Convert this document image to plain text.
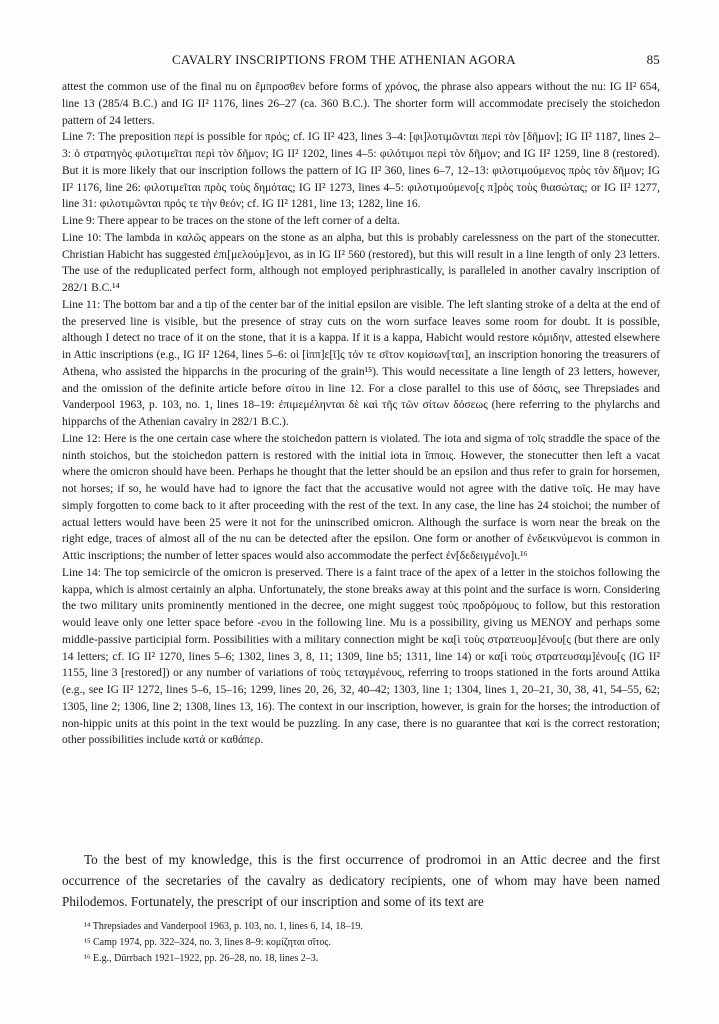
CAVALRY INSCRIPTIONS FROM THE ATHENIAN AGORA	85

attest the common use of the final nu on ἔμπροσθεν before forms of χρόνος, the phrase also appears without the nu: IG II² 654, line 13 (285/4 B.C.) and IG II² 1176, lines 26–27 (ca. 360 B.C.). The shorter form will accommodate precisely the stoichedon pattern of 24 letters.

Line 7: The preposition περί is possible for πρός; cf. IG II² 423, lines 3–4: [φι]λοτιμῶνται περὶ τὸν [δῆμον]; IG II² 1187, lines 2–3: ὁ στρατηγὸς φιλοτιμεῖται περὶ τὸν δῆμον; IG II² 1202, lines 4–5: φιλότιμοι περὶ τὸν δῆμον; and IG II² 1259, line 8 (restored). But it is more likely that our inscription follows the pattern of IG II² 360, lines 6–7, 12–13: φιλοτιμούμενος πρὸς τὸν δῆμον; IG II² 1176, line 26: φιλοτιμεῖται πρὸς τοὺς δημότας; IG II² 1273, lines 4–5: φιλοτιμούμενο[ς π]ρὸς τοὺς θιασώτας; or IG II² 1277, line 31: φιλοτιμῶνται πρός τε τὴν θεόν; cf. IG II² 1281, line 13; 1282, line 16.

Line 9: There appear to be traces on the stone of the left corner of a delta.

Line 10: The lambda in καλῶς appears on the stone as an alpha, but this is probably carelessness on the part of the stonecutter. Christian Habicht has suggested ἐπι[μελούμ]ενοι, as in IG II² 560 (restored), but this will result in a line length of only 23 letters. The use of the reduplicated perfect form, although not employed periphrastically, is paralleled in another cavalry inscription of 282/1 B.C.¹⁴

Line 11: The bottom bar and a tip of the center bar of the initial epsilon are visible. The left slanting stroke of a delta at the end of the preserved line is visible, but the presence of stray cuts on the worn surface leaves some room for doubt. It is possible, although I detect no trace of it on the stone, that it is a kappa. If it is a kappa, Habicht would restore κόμιδην, attested elsewhere in Attic inscriptions (e.g., IG II² 1264, lines 5–6: οἱ [ἱππ]ε[ῖ]ς τόν τε σῖτον κομίσων[ται], an inscription honoring the treasurers of Athena, who assisted the hipparchs in the procuring of the grain¹⁵). This would necessitate a line length of 23 letters, however, and the omission of the definite article before σίτου in line 12. For a close parallel to this use of δόσις, see Threpsiades and Vanderpool 1963, p. 103, no. 1, lines 18–19: ἐπιμεμέληνται δὲ καὶ τῆς τῶν σίτων δόσεως (here referring to the phylarchs and hipparchs of the Athenian cavalry in 282/1 B.C.).

Line 12: Here is the one certain case where the stoichedon pattern is violated. The iota and sigma of τοῖς straddle the space of the ninth stoichos, but the stoichedon pattern is restored with the initial iota in ἵπποις. However, the stonecutter then left a vacat where the omicron should have been. Perhaps he thought that the letter should be an epsilon and thus refer to grain for horsemen, not horses; if so, he would have had to ignore the fact that the accusative would not agree with the dative τοῖς. He may have simply forgotten to come back to it after proceeding with the rest of the text. In any case, the line has 24 stoichoi; the number of actual letters would have been 25 were it not for the uninscribed omicron. Although the surface is worn near the break on the right edge, traces of almost all of the nu can be detected after the epsilon. One form or another of ἐνδεικνύμενοι is common in Attic inscriptions; the number of letter spaces would also accommodate the perfect ἐν[δεδειγμένο]ι.¹⁶

Line 14: The top semicircle of the omicron is preserved. There is a faint trace of the apex of a letter in the stoichos following the kappa, which is almost certainly an alpha. Unfortunately, the stone breaks away at this point and the surface is worn. Considering the two military units prominently mentioned in the decree, one might suggest τοὺς προδρόμους to follow, but this restoration would leave only one letter space before -ενου in the following line. Mu is a possibility, giving us ΜΕΝΟΥ and perhaps some middle-passive participial form. Possibilities with a military connection might be κα[ὶ τοὺς στρατευομ]ένου[ς (but there are only 14 letters; cf. IG II² 1270, lines 5–6; 1302, lines 3, 8, 11; 1309, line b5; 1311, line 14) or κα[ὶ τοὺς στρατευσαμ]ένου[ς (IG II² 1155, line 3 [restored]) or any number of variations of τοὺς τεταγμένους, referring to troops stationed in the forts around Attika (e.g., see IG II² 1272, lines 5–6, 15–16; 1299, lines 20, 26, 32, 40–42; 1303, line 1; 1304, lines 1, 20–21, 30, 38, 41, 54–55, 62; 1305, line 2; 1306, line 2; 1308, lines 13, 16). The context in our inscription, however, is grain for the horses; the introduction of non-hippic units at this point in the text would be puzzling. In any case, there is no guarantee that καί is the correct restoration; other possibilities include κατά or καθάπερ.

To the best of my knowledge, this is the first occurrence of prodromoi in an Attic decree and the first occurrence of the secretaries of the cavalry as dedicatory recipients, one of whom may have been named Philodemos. Fortunately, the prescript of our inscription and some of its text are

¹⁴ Threpsiades and Vanderpool 1963, p. 103, no. 1, lines 6, 14, 18–19.
¹⁵ Camp 1974, pp. 322–324, no. 3, lines 8–9: κομίζηται σῖτος.
¹⁶ E.g., Dürrbach 1921–1922, pp. 26–28, no. 18, lines 2–3.
